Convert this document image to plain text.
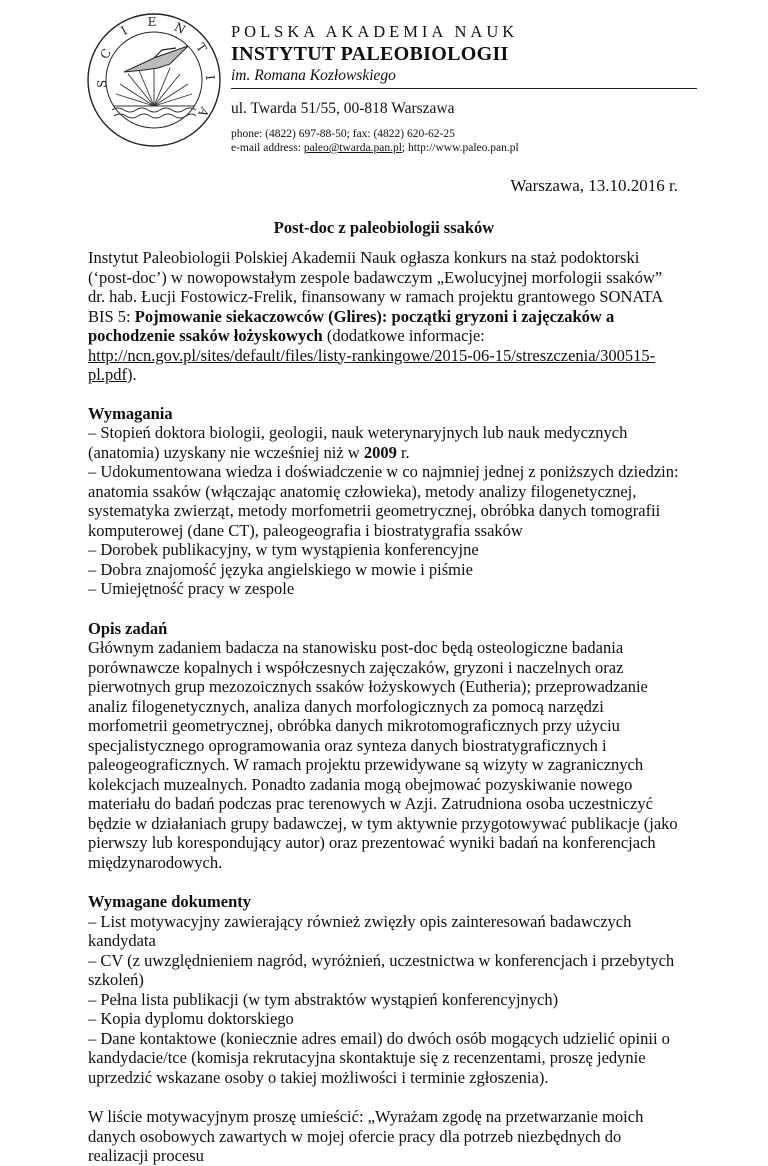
S
C
I
E N
T
I
A
POLSKA AKADEMIA NAUK
INSTYTUT PALEOBIOLOGII
im. Romana Kozłowskiego
ul. Twarda 51/55, 00-818 Warszawa
phone: (4822) 697-88-50; fax: (4822) 620-62-25
e-mail address: paleo@twarda.pan.pl; http://www.paleo.pan.pl
Warszawa, 13.10.2016 r.
Post-doc z paleobiologii ssaków

Instytut Paleobiologii Polskiej Akademii Nauk ogłasza konkurs na staż podoktorski (‘post-doc’) w nowopowstałym zespole badawczym „Ewolucyjnej morfologii ssaków” dr. hab. Łucji Fostowicz-Frelik, finansowany w ramach projektu grantowego SONATA BIS 5: Pojmowanie siekaczowców (Glires): początki gryzoni i zajęczaków a pochodzenie ssaków łożyskowych (dodatkowe informacje: http://ncn.gov.pl/sites/default/files/listy-rankingowe/2015-06-15/streszczenia/300515-pl.pdf).

Wymagania

– Stopień doktora biologii, geologii, nauk weterynaryjnych lub nauk medycznych (anatomia) uzyskany nie wcześniej niż w 2009 r.

– Udokumentowana wiedza i doświadczenie w co najmniej jednej z poniższych dziedzin: anatomia ssaków (włączając anatomię człowieka), metody analizy filogenetycznej, systematyka zwierząt, metody morfometrii geometrycznej, obróbka danych tomografii komputerowej (dane CT), paleogeografia i biostratygrafia ssaków

– Dorobek publikacyjny, w tym wystąpienia konferencyjne

– Dobra znajomość języka angielskiego w mowie i piśmie

– Umiejętność pracy w zespole

Opis zadań

Głównym zadaniem badacza na stanowisku post-doc będą osteologiczne badania porównawcze kopalnych i współczesnych zajęczaków, gryzoni i naczelnych oraz pierwotnych grup mezozoicznych ssaków łożyskowych (Eutheria); przeprowadzanie analiz filogenetycznych, analiza danych morfologicznych za pomocą narzędzi morfometrii geometrycznej, obróbka danych mikrotomograficznych przy użyciu specjalistycznego oprogramowania oraz synteza danych biostratygraficznych i paleogeograficznych. W ramach projektu przewidywane są wizyty w zagranicznych kolekcjach muzealnych. Ponadto zadania mogą obejmować pozyskiwanie nowego materiału do badań podczas prac terenowych w Azji. Zatrudniona osoba uczestniczyć będzie w działaniach grupy badawczej, w tym aktywnie przygotowywać publikacje (jako pierwszy lub korespondujący autor) oraz prezentować wyniki badań na konferencjach międzynarodowych.

Wymagane dokumenty

– List motywacyjny zawierający również zwięzły opis zainteresowań badawczych kandydata

– CV (z uwzględnieniem nagród, wyróżnień, uczestnictwa w konferencjach i przebytych szkoleń)

– Pełna lista publikacji (w tym abstraktów wystąpień konferencyjnych)

– Kopia dyplomu doktorskiego

– Dane kontaktowe (koniecznie adres email) do dwóch osób mogących udzielić opinii o kandydacie/tce (komisja rekrutacyjna skontaktuje się z recenzentami, proszę jedynie uprzedzić wskazane osoby o takiej możliwości i terminie zgłoszenia).

W liście motywacyjnym proszę umieścić: „Wyrażam zgodę na przetwarzanie moich danych osobowych zawartych w mojej ofercie pracy dla potrzeb niezbędnych do realizacji procesu
